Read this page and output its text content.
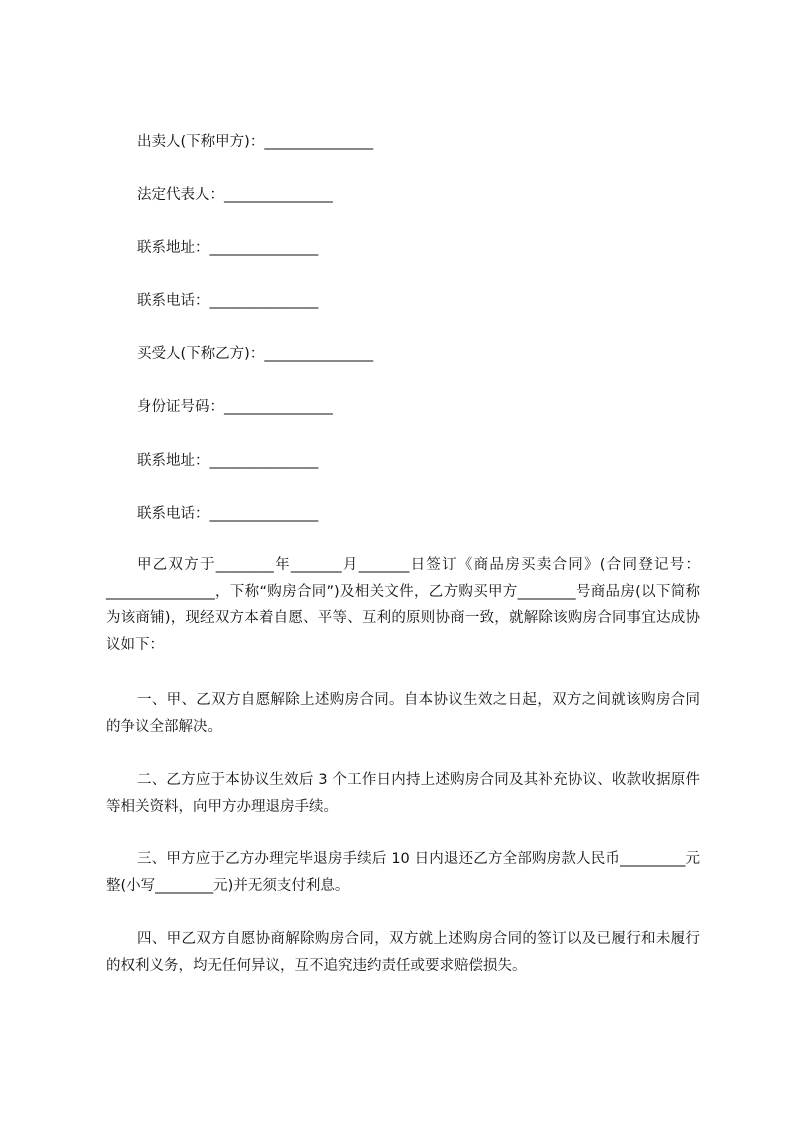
出卖人(下称甲方)：_______________
法定代表人：_______________
联系地址：_______________
联系电话：_______________
买受人(下称乙方)：_______________
身份证号码：_______________
联系地址：_______________
联系电话：_______________

甲乙双方于________年_______月_______日签订《商品房买卖合同》(合同登记号：_______________，下称“购房合同”)及相关文件，乙方购买甲方________号商品房(以下简称为该商铺)，现经双方本着自愿、平等、互利的原则协商一致，就解除该购房合同事宜达成协议如下：

一、甲、乙双方自愿解除上述购房合同。自本协议生效之日起，双方之间就该购房合同的争议全部解决。

二、乙方应于本协议生效后 3 个工作日内持上述购房合同及其补充协议、收款收据原件等相关资料，向甲方办理退房手续。

三、甲方应于乙方办理完毕退房手续后 10 日内退还乙方全部购房款人民币_________元整(小写________元)并无须支付利息。

四、甲乙双方自愿协商解除购房合同，双方就上述购房合同的签订以及已履行和未履行的权利义务，均无任何异议，互不追究违约责任或要求赔偿损失。
